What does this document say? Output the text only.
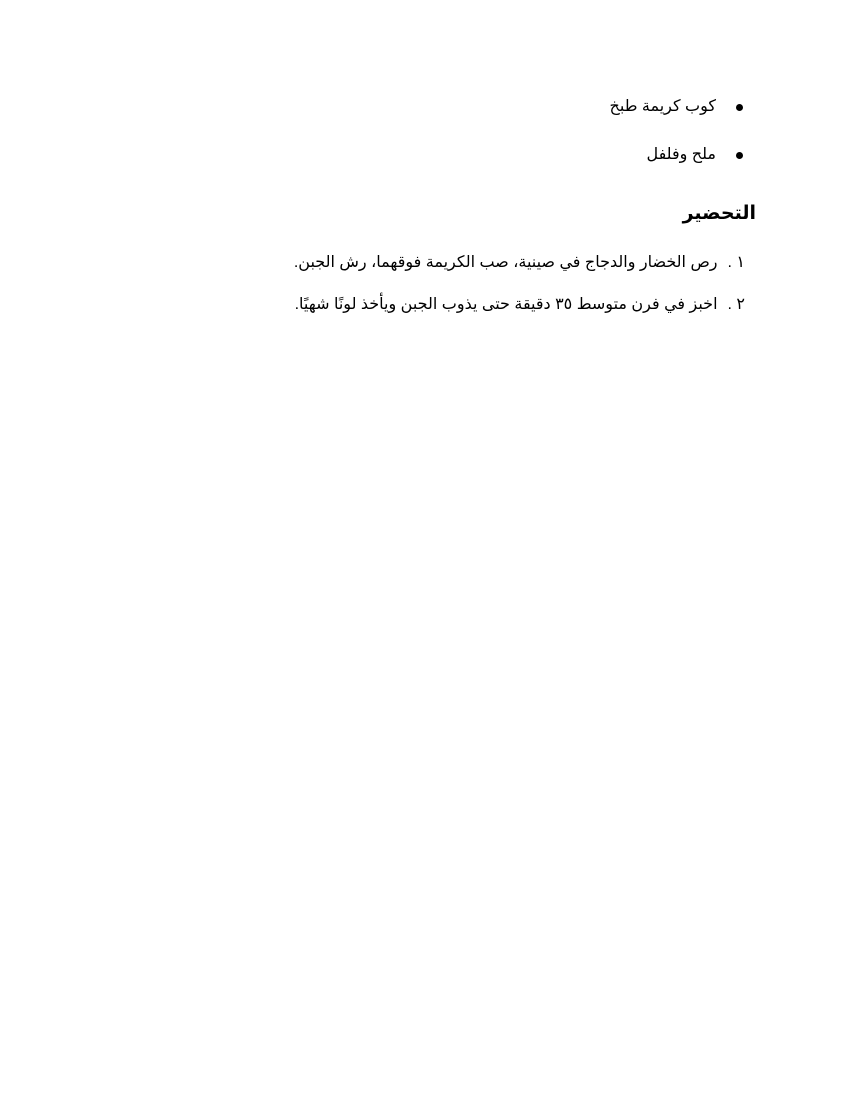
كوب كريمة طبخ
ملح وفلفل
التحضير
١ .
رص الخضار والدجاج في صينية، صب الكريمة فوقهما، رش الجبن.
٢ .
اخبز في فرن متوسط ٣٥ دقيقة حتى يذوب الجبن ويأخذ لونًا شهيًا.
